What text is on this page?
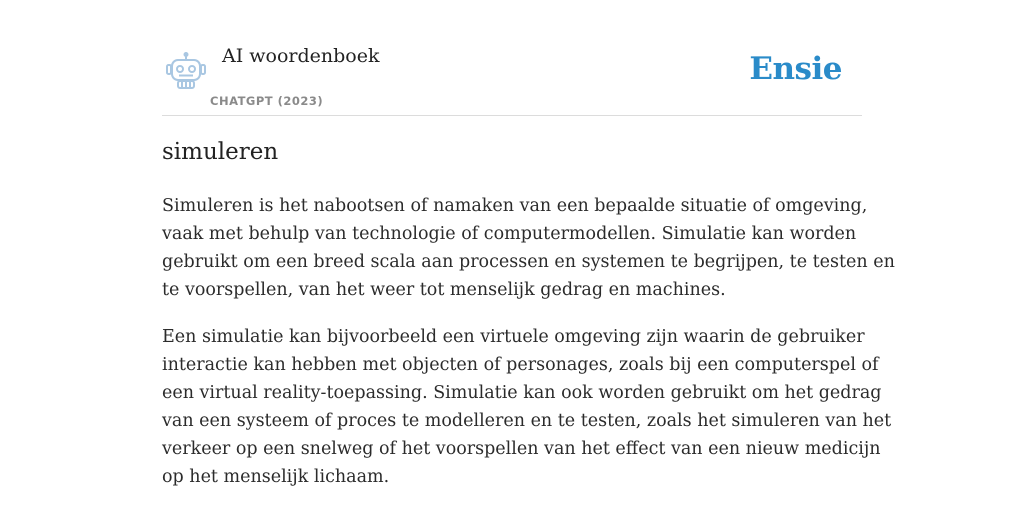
AI woordenboek
CHATGPT (2023)
Ensie
simuleren

Simuleren is het nabootsen of namaken van een bepaalde situatie of omgeving,
vaak met behulp van technologie of computermodellen. Simulatie kan worden
gebruikt om een breed scala aan processen en systemen te begrijpen, te testen en
te voorspellen, van het weer tot menselijk gedrag en machines.

Een simulatie kan bijvoorbeeld een virtuele omgeving zijn waarin de gebruiker
interactie kan hebben met objecten of personages, zoals bij een computerspel of
een virtual reality-toepassing. Simulatie kan ook worden gebruikt om het gedrag
van een systeem of proces te modelleren en te testen, zoals het simuleren van het
verkeer op een snelweg of het voorspellen van het effect van een nieuw medicijn
op het menselijk lichaam.
